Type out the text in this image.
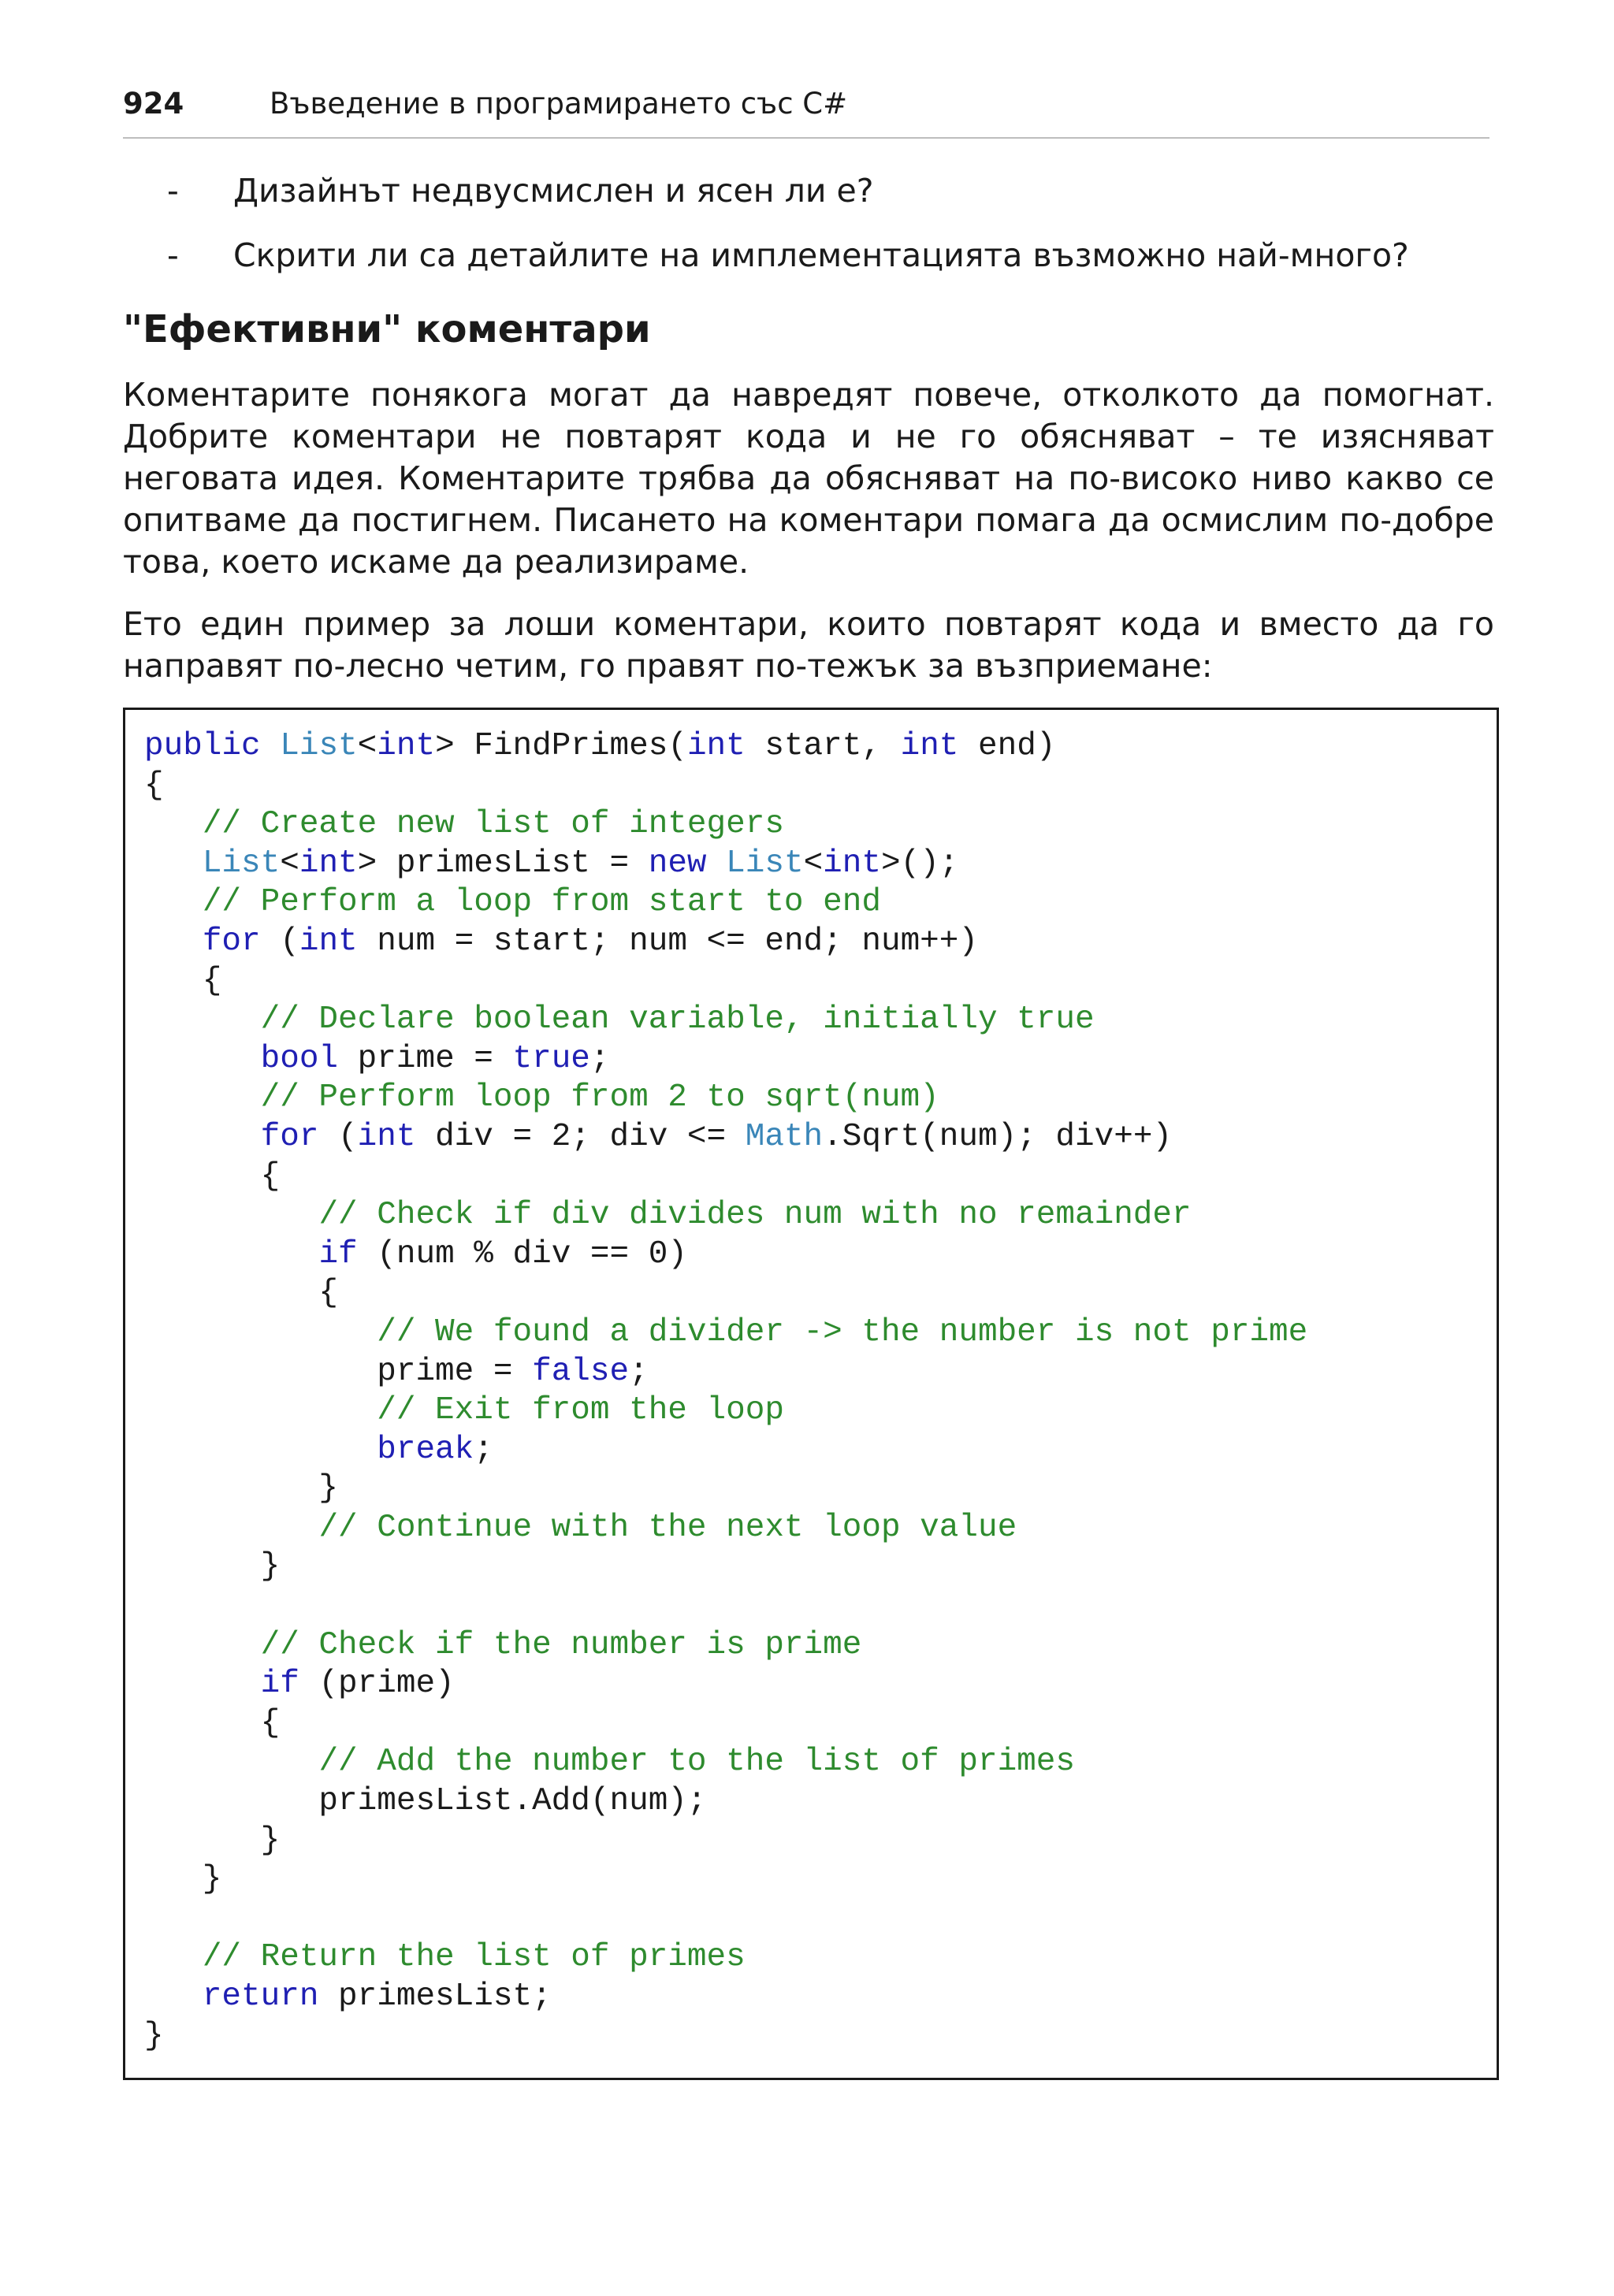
924	Въведение в програмирането със C#
- Дизайнът недвусмислен и ясен ли е?
- Скрити ли са детайлите на имплементацията възможно най-много?
"Ефективни" коментари

Коментарите понякога могат да навредят повече, отколкото да помогнат. Добрите коментари не повтарят кода и не го обясняват – те изясняват неговата идея. Коментарите трябва да обясняват на по-високо ниво какво се опитваме да постигнем. Писането на коментари помага да осмислим по-добре това, което искаме да реализираме.

Ето един пример за лоши коментари, които повтарят кода и вместо да го направят по-лесно четим, го правят по-тежък за възприемане:

public List<int> FindPrimes(int start, int end)
{
// Create new list of integers
List<int> primesList = new List<int>();
// Perform a loop from start to end
for (int num = start; num <= end; num++)
{
// Declare boolean variable, initially true
bool prime = true;
// Perform loop from 2 to sqrt(num)
for (int div = 2; div <= Math.Sqrt(num); div++)
{
// Check if div divides num with no remainder
if (num % div == 0)
{
// We found a divider -> the number is not prime
prime = false;
// Exit from the loop
break;
}
// Continue with the next loop value
}
// Check if the number is prime
if (prime)
{
// Add the number to the list of primes
primesList.Add(num);
}
}
// Return the list of primes
return primesList;
}
